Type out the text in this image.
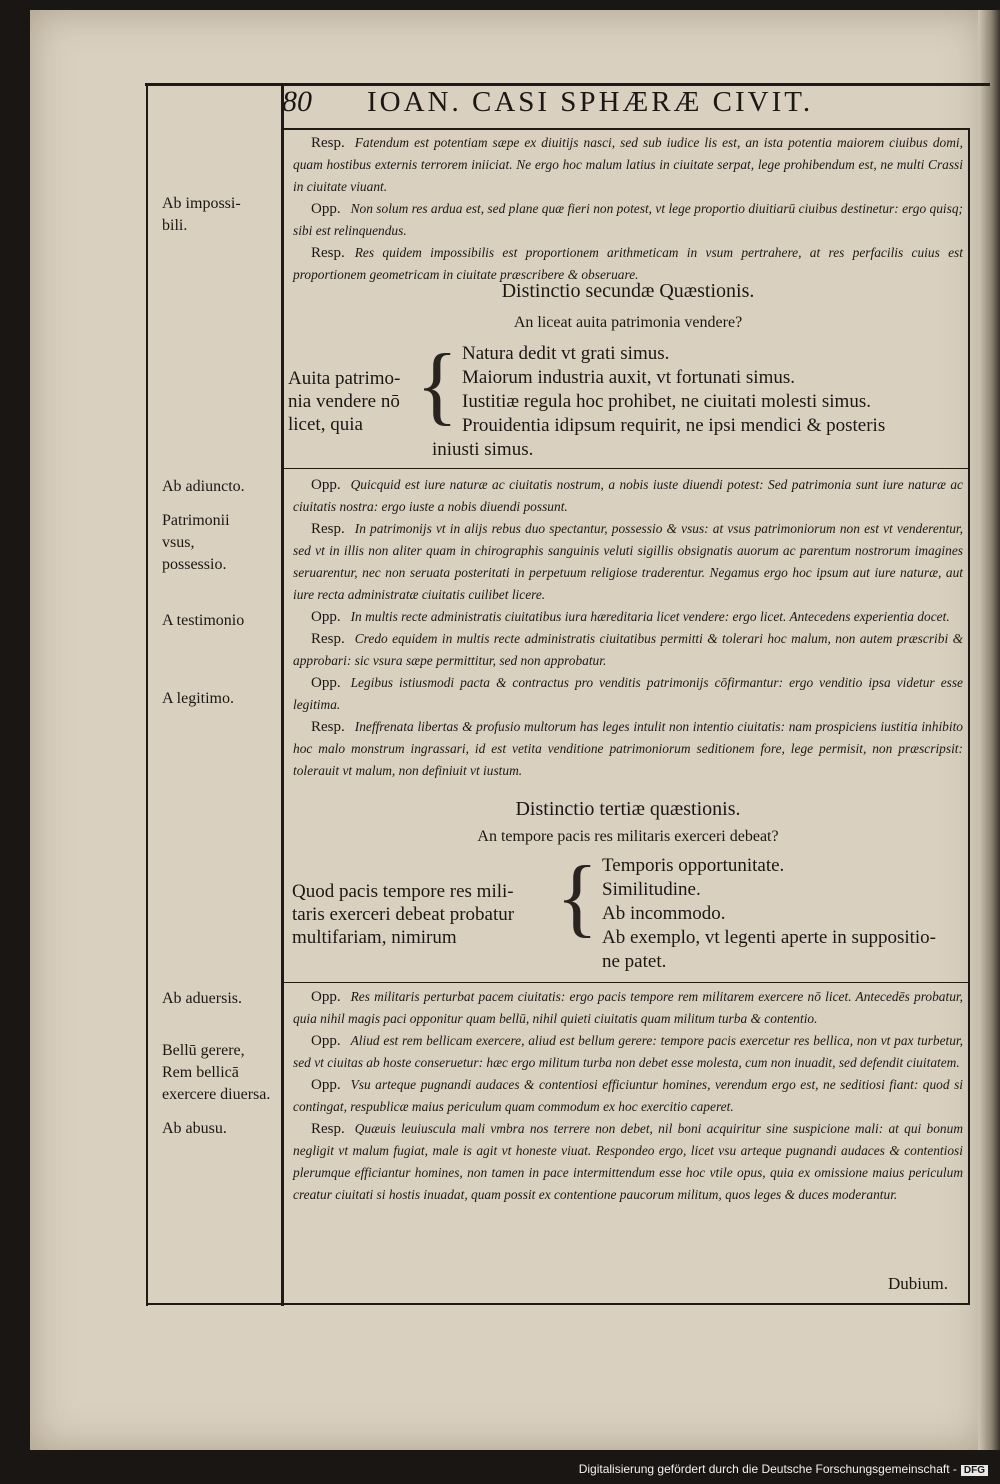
80 IOAN. CASI SPHÆRÆ CIVIT.
Ab impossi-bili.
Ab adiuncto.
Patrimonii vsus, possessio.
A testimonio
A legitimo.
Ab aduersis.
Bellū gerere, Rem bellicā exercere diuersa.
Ab abusu.

Resp. Fatendum est potentiam sæpe ex diuitijs nasci, sed sub iudice lis est, an ista potentia maiorem ciuibus domi, quam hostibus externis terrorem iniiciat. Ne ergo hoc malum latius in ciuitate serpat, lege prohibendum est, ne multi Crassi in ciuitate viuant.

Opp. Non solum res ardua est, sed plane quæ fieri non potest, vt lege proportio diuitiarū ciuibus destinetur: ergo quisq; sibi est relinquendus.

Resp. Res quidem impossibilis est proportionem arithmeticam in vsum pertrahere, at res perfacilis cuius est proportionem geometricam in ciuitate præscribere & obseruare.

Distinctio secundæ Quæstionis.
An liceat auita patrimonia vendere?
Auita patrimo-
nia vendere nō
licet, quia { Natura dedit vt grati simus.
Maiorum industria auxit, vt fortunati simus.
Iustitiæ regula hoc prohibet, ne ciuitati molesti simus.
Prouidentia idipsum requirit, ne ipsi mendici & posteris
iniusti simus.

Opp. Quicquid est iure naturæ ac ciuitatis nostrum, a nobis iuste diuendi potest: Sed patrimonia sunt iure naturæ ac ciuitatis nostra: ergo iuste a nobis diuendi possunt.

Resp. In patrimonijs vt in alijs rebus duo spectantur, possessio & vsus: at vsus patrimoniorum non est vt venderentur, sed vt in illis non aliter quam in chirographis sanguinis veluti sigillis obsignatis auorum ac parentum nostrorum imagines seruarentur, nec non seruata posteritati in perpetuum religiose traderentur. Negamus ergo hoc ipsum aut iure naturæ, aut iure recta administratæ ciuitatis cuilibet licere.

Opp. In multis recte administratis ciuitatibus iura hæreditaria licet vendere: ergo licet. Antecedens experientia docet.

Resp. Credo equidem in multis recte administratis ciuitatibus permitti & tolerari hoc malum, non autem præscribi & approbari: sic vsura sæpe permittitur, sed non approbatur.

Opp. Legibus istiusmodi pacta & contractus pro venditis patrimonijs cōfirmantur: ergo venditio ipsa videtur esse legitima.

Resp. Ineffrenata libertas & profusio multorum has leges intulit non intentio ciuitatis: nam prospiciens iustitia inhibito hoc malo monstrum ingrassari, id est vetita venditione patrimoniorum seditionem fore, lege permisit, non præscripsit: tolerauit vt malum, non definiuit vt iustum.

Distinctio tertiæ quæstionis.
An tempore pacis res militaris exerceri debeat?
Quod pacis tempore res mili-
taris exerceri debeat probatur
multifariam, nimirum	{ Temporis opportunitate.
Similitudine.
Ab incommodo.
Ab exemplo, vt legenti aperte in suppositio-
ne patet.

Opp. Res militaris perturbat pacem ciuitatis: ergo pacis tempore rem militarem exercere nō licet. Antecedēs probatur, quia nihil magis paci opponitur quam bellū, nihil quieti ciuitatis quam militum turba & contentio.

Opp. Aliud est rem bellicam exercere, aliud est bellum gerere: tempore pacis exercetur res bellica, non vt pax turbetur, sed vt ciuitas ab hoste conseruetur: hæc ergo militum turba non debet esse molesta, cum non inuadit, sed defendit ciuitatem.

Opp. Vsu arteque pugnandi audaces & contentiosi efficiuntur homines, verendum ergo est, ne seditiosi fiant: quod si contingat, respublicæ maius periculum quam commodum ex hoc exercitio caperet.

Resp. Quæuis leuiuscula mali vmbra nos terrere non debet, nil boni acquiritur sine suspicione mali: at qui bonum negligit vt malum fugiat, male is agit vt honeste viuat. Respondeo ergo, licet vsu arteque pugnandi audaces & contentiosi plerumque efficiantur homines, non tamen in pace intermittendum esse hoc vtile opus, quia ex omissione maius periculum creatur ciuitati si hostis inuadat, quam possit ex contentione paucorum militum, quos leges & duces moderantur.

Dubium.
Digitalisierung gefördert durch die Deutsche Forschungsgemeinschaft - DFG
